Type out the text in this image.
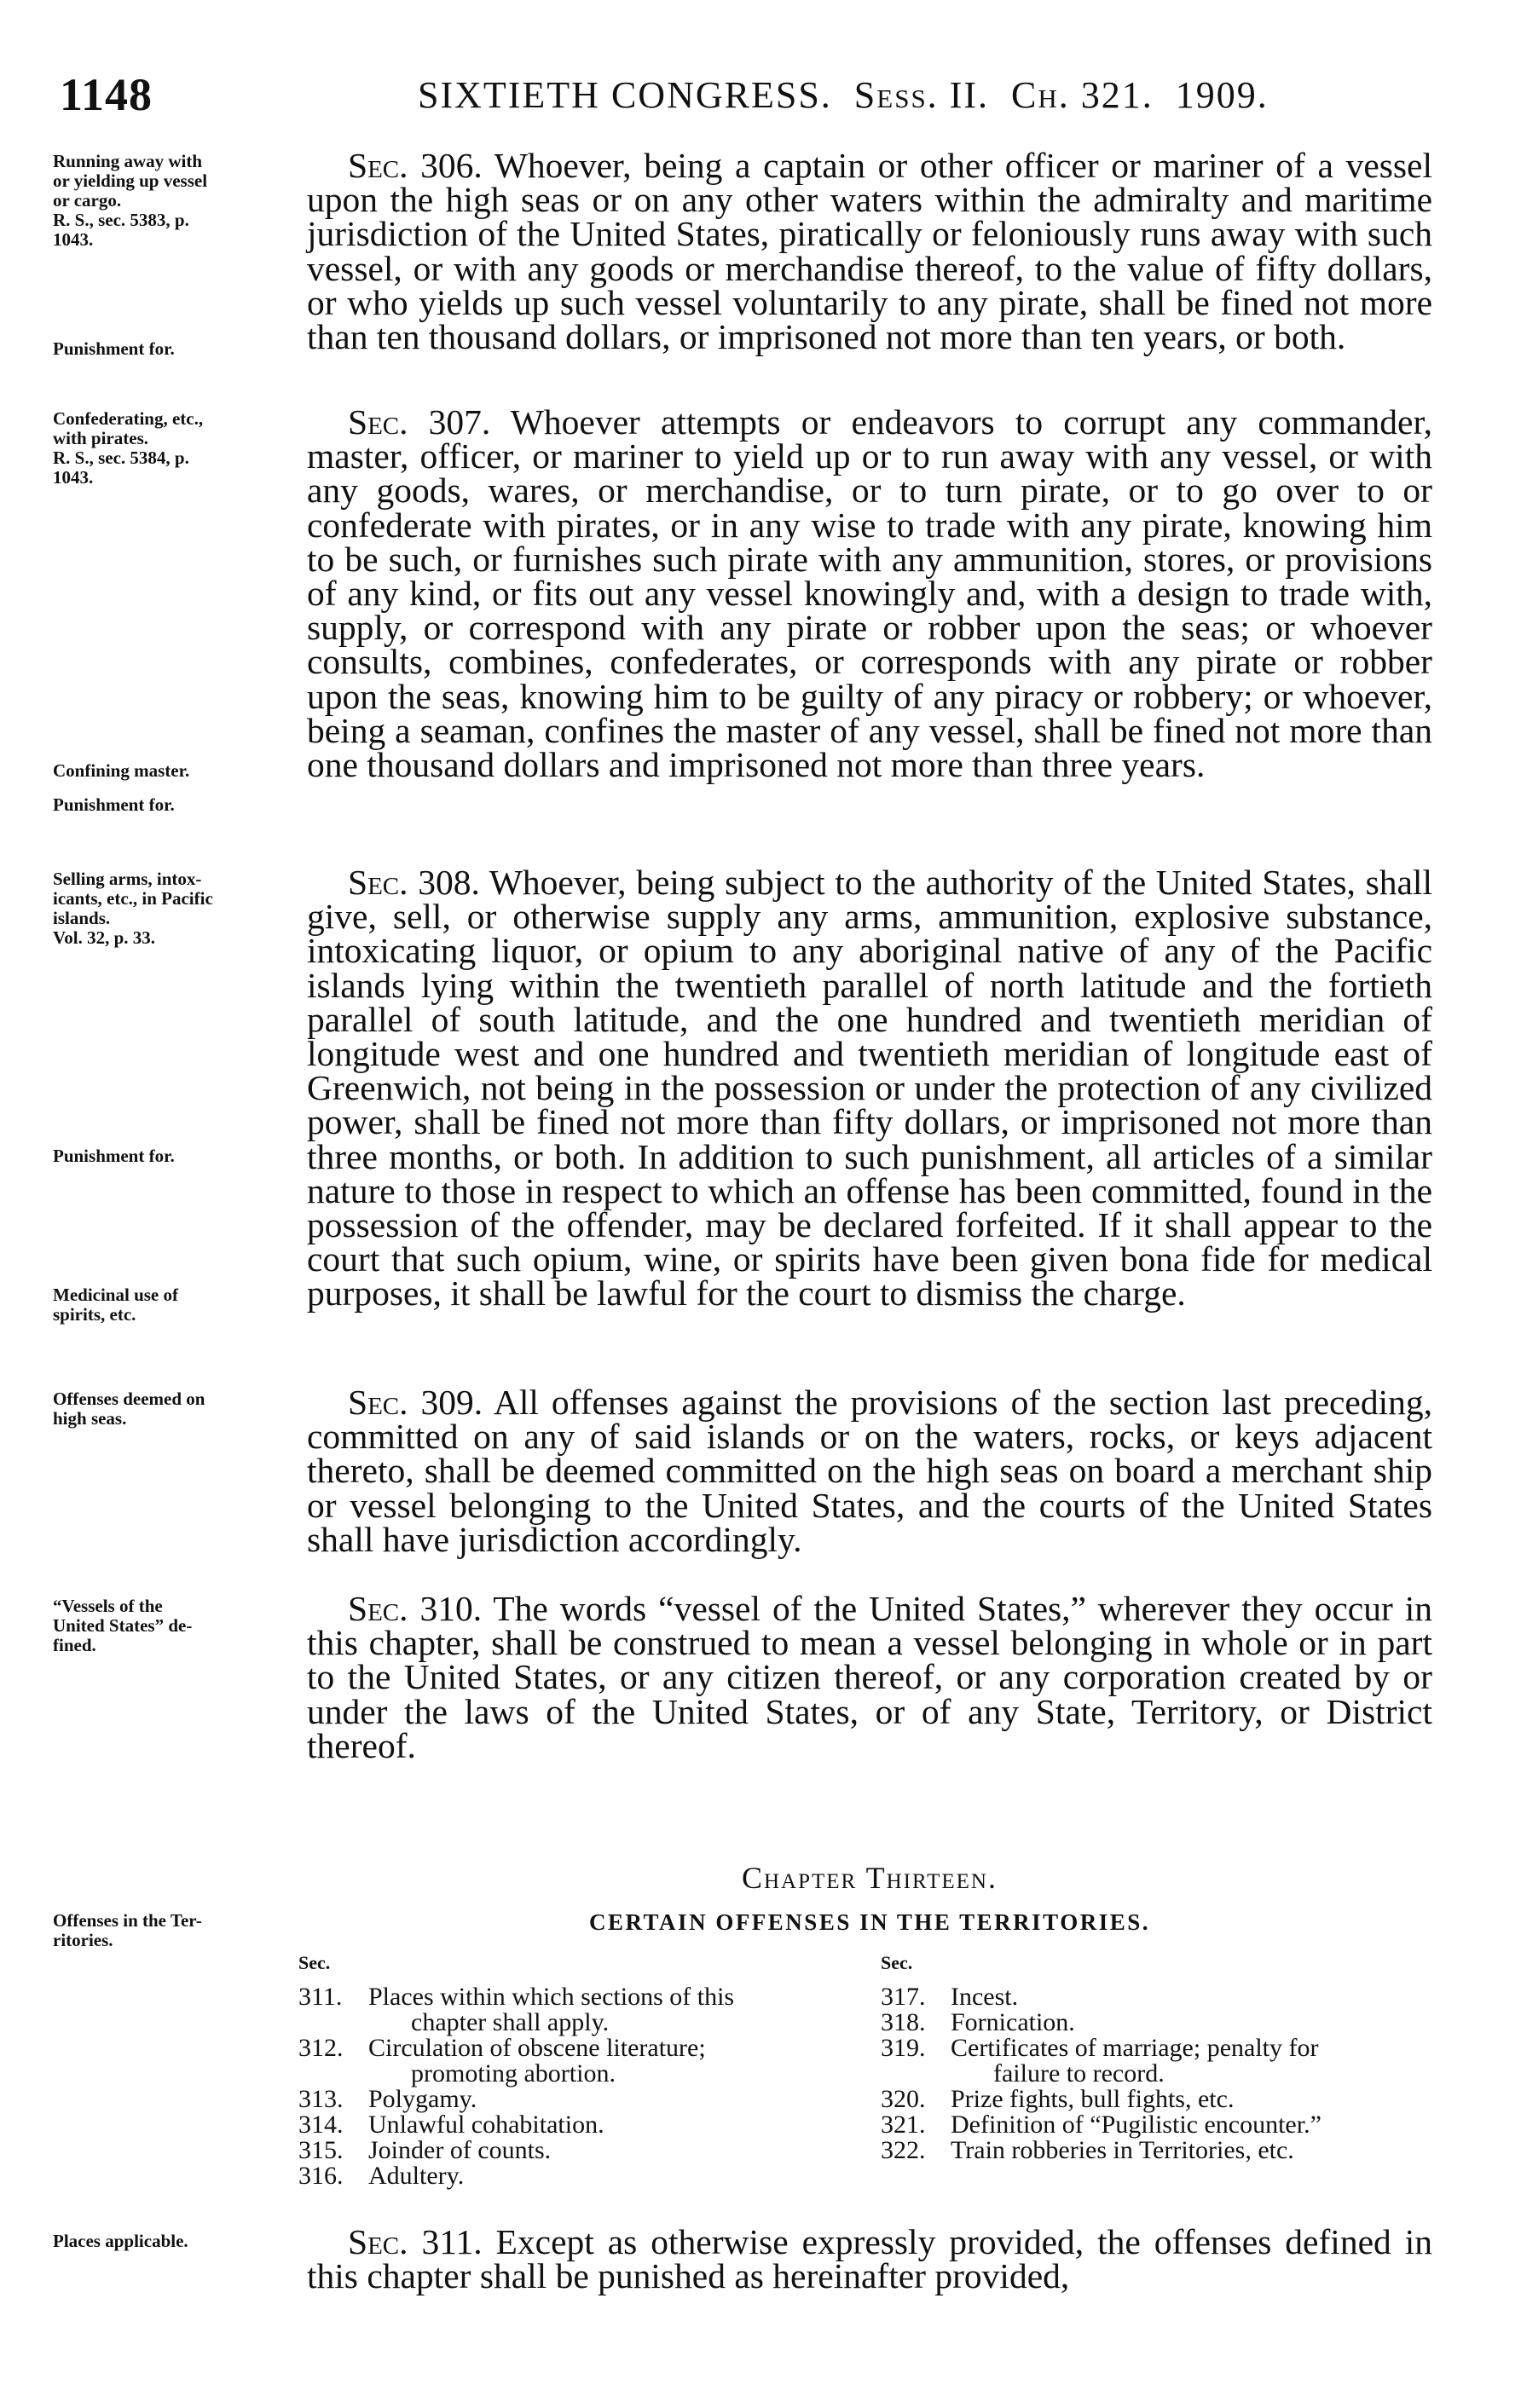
1148	SIXTIETH CONGRESS. Sess. II. Ch. 321. 1909.
Running away with
or yielding up vessel
or cargo.
R. S., sec. 5383, p.
1043.
Punishment for.
Confederating, etc.,
with pirates.
R. S., sec. 5384, p.
1043.
Confining master.
Punishment for.
Selling arms, intox-
icants, etc., in Pacific
islands.
Vol. 32, p. 33.
Punishment for.
Medicinal use of
spirits, etc.
Offenses deemed on
high seas.
“Vessels of the
United States” de-
fined.
Offenses in the Ter-
ritories.
Places applicable.

Sec. 306. Whoever, being a captain or other officer or mariner of a vessel upon the high seas or on any other waters within the admiralty and maritime jurisdiction of the United States, piratically or feloniously runs away with such vessel, or with any goods or merchandise thereof, to the value of fifty dollars, or who yields up such vessel voluntarily to any pirate, shall be fined not more than ten thousand dollars, or imprisoned not more than ten years, or both.

Sec. 307. Whoever attempts or endeavors to corrupt any commander, master, officer, or mariner to yield up or to run away with any vessel, or with any goods, wares, or merchandise, or to turn pirate, or to go over to or confederate with pirates, or in any wise to trade with any pirate, knowing him to be such, or furnishes such pirate with any ammunition, stores, or provisions of any kind, or fits out any vessel knowingly and, with a design to trade with, supply, or correspond with any pirate or robber upon the seas; or whoever consults, combines, confederates, or corresponds with any pirate or robber upon the seas, knowing him to be guilty of any piracy or robbery; or whoever, being a seaman, confines the master of any vessel, shall be fined not more than one thousand dollars and imprisoned not more than three years.

Sec. 308. Whoever, being subject to the authority of the United States, shall give, sell, or otherwise supply any arms, ammunition, explosive substance, intoxicating liquor, or opium to any aboriginal native of any of the Pacific islands lying within the twentieth parallel of north latitude and the fortieth parallel of south latitude, and the one hundred and twentieth meridian of longitude west and one hundred and twentieth meridian of longitude east of Greenwich, not being in the possession or under the protection of any civilized power, shall be fined not more than fifty dollars, or imprisoned not more than three months, or both. In addition to such punishment, all articles of a similar nature to those in respect to which an offense has been committed, found in the possession of the offender, may be declared forfeited. If it shall appear to the court that such opium, wine, or spirits have been given bona fide for medical purposes, it shall be lawful for the court to dismiss the charge.

Sec. 309. All offenses against the provisions of the section last preceding, committed on any of said islands or on the waters, rocks, or keys adjacent thereto, shall be deemed committed on the high seas on board a merchant ship or vessel belonging to the United States, and the courts of the United States shall have jurisdiction accordingly.

Sec. 310. The words “vessel of the United States,” wherever they occur in this chapter, shall be construed to mean a vessel belonging in whole or in part to the United States, or any citizen thereof, or any corporation created by or under the laws of the United States, or of any State, Territory, or District thereof.

Chapter Thirteen.
CERTAIN OFFENSES IN THE TERRITORIES.
Sec.
311.	Places within which sections of this
chapter shall apply.
312. Circulation of obscene literature;
promoting abortion.
313. Polygamy.
314. Unlawful cohabitation.
315. Joinder of counts.
316. Adultery.
Sec.
317. Incest.
318. Fornication.
319. Certificates of marriage; penalty for
failure to record.
320. Prize fights, bull fights, etc.
321. Definition of “Pugilistic encounter.”
322. Train robberies in Territories, etc.

Sec. 311. Except as otherwise expressly provided, the offenses defined in this chapter shall be punished as hereinafter provided,
